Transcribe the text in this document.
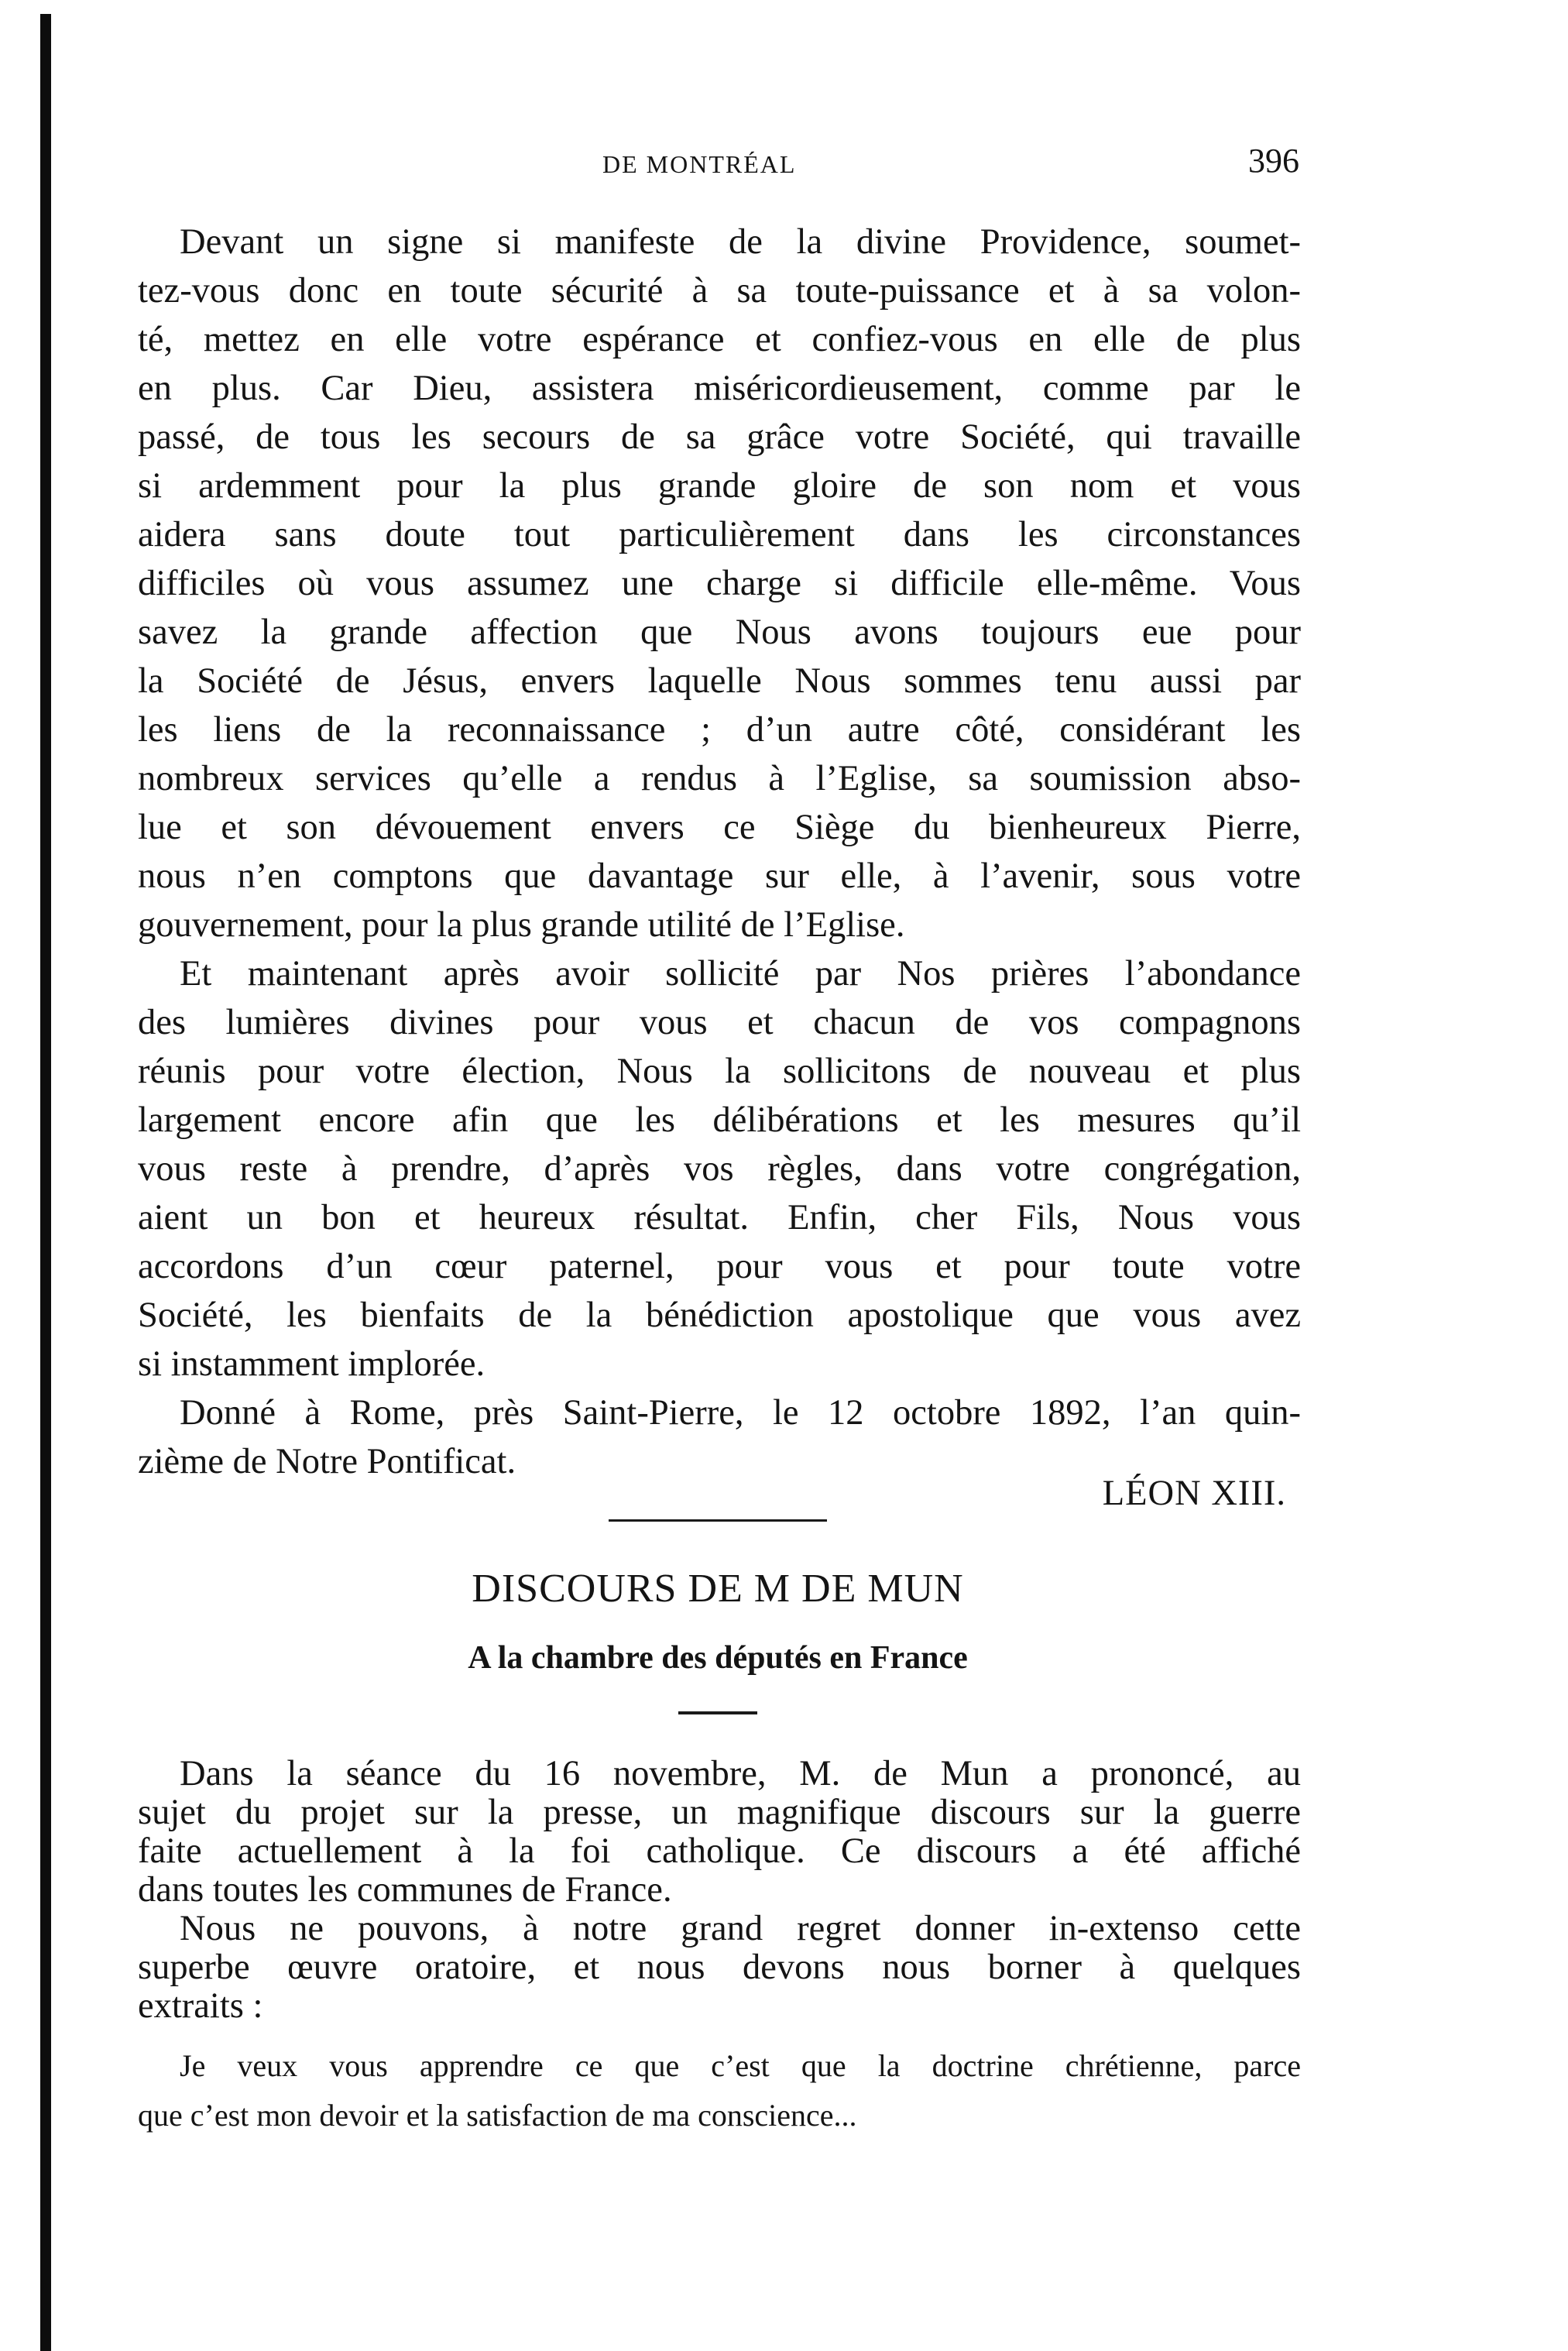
DE MONTRÉAL	396

Devant un signe si manifeste de la divine Providence, soumet-

tez-vous donc en toute sécurité à sa toute-puissance et à sa volon-

té, mettez en elle votre espérance et confiez-vous en elle de plus

en plus. Car Dieu, assistera miséricordieusement, comme par le

passé, de tous les secours de sa grâce votre Société, qui travaille

si ardemment pour la plus grande gloire de son nom et vous

aidera sans doute tout particulièrement dans les circonstances

difficiles où vous assumez une charge si difficile elle-même. Vous

savez la grande affection que Nous avons toujours eue pour

la Société de Jésus, envers laquelle Nous sommes tenu aussi par

les liens de la reconnaissance ; d’un autre côté, considérant les

nombreux services qu’elle a rendus à l’Eglise, sa soumission abso-

lue et son dévouement envers ce Siège du bienheureux Pierre,

nous n’en comptons que davantage sur elle, à l’avenir, sous votre

gouvernement, pour la plus grande utilité de l’Eglise.

Et maintenant après avoir sollicité par Nos prières l’abondance

des lumières divines pour vous et chacun de vos compagnons

réunis pour votre élection, Nous la sollicitons de nouveau et plus

largement encore afin que les délibérations et les mesures qu’il

vous reste à prendre, d’après vos règles, dans votre congrégation,

aient un bon et heureux résultat. Enfin, cher Fils, Nous vous

accordons d’un cœur paternel, pour vous et pour toute votre

Société, les bienfaits de la bénédiction apostolique que vous avez

si instamment implorée.

Donné à Rome, près Saint-Pierre, le 12 octobre 1892, l’an quin-

zième de Notre Pontificat.

LÉON XIII.

DISCOURS DE M DE MUN
A la chambre des députés en France

Dans la séance du 16 novembre, M. de Mun a prononcé, au

sujet du projet sur la presse, un magnifique discours sur la guerre

faite actuellement à la foi catholique. Ce discours a été affiché

dans toutes les communes de France.

Nous ne pouvons, à notre grand regret donner in-extenso cette

superbe œuvre oratoire, et nous devons nous borner à quelques

extraits :

Je veux vous apprendre ce que c’est que la doctrine chrétienne, parce

que c’est mon devoir et la satisfaction de ma conscience...
